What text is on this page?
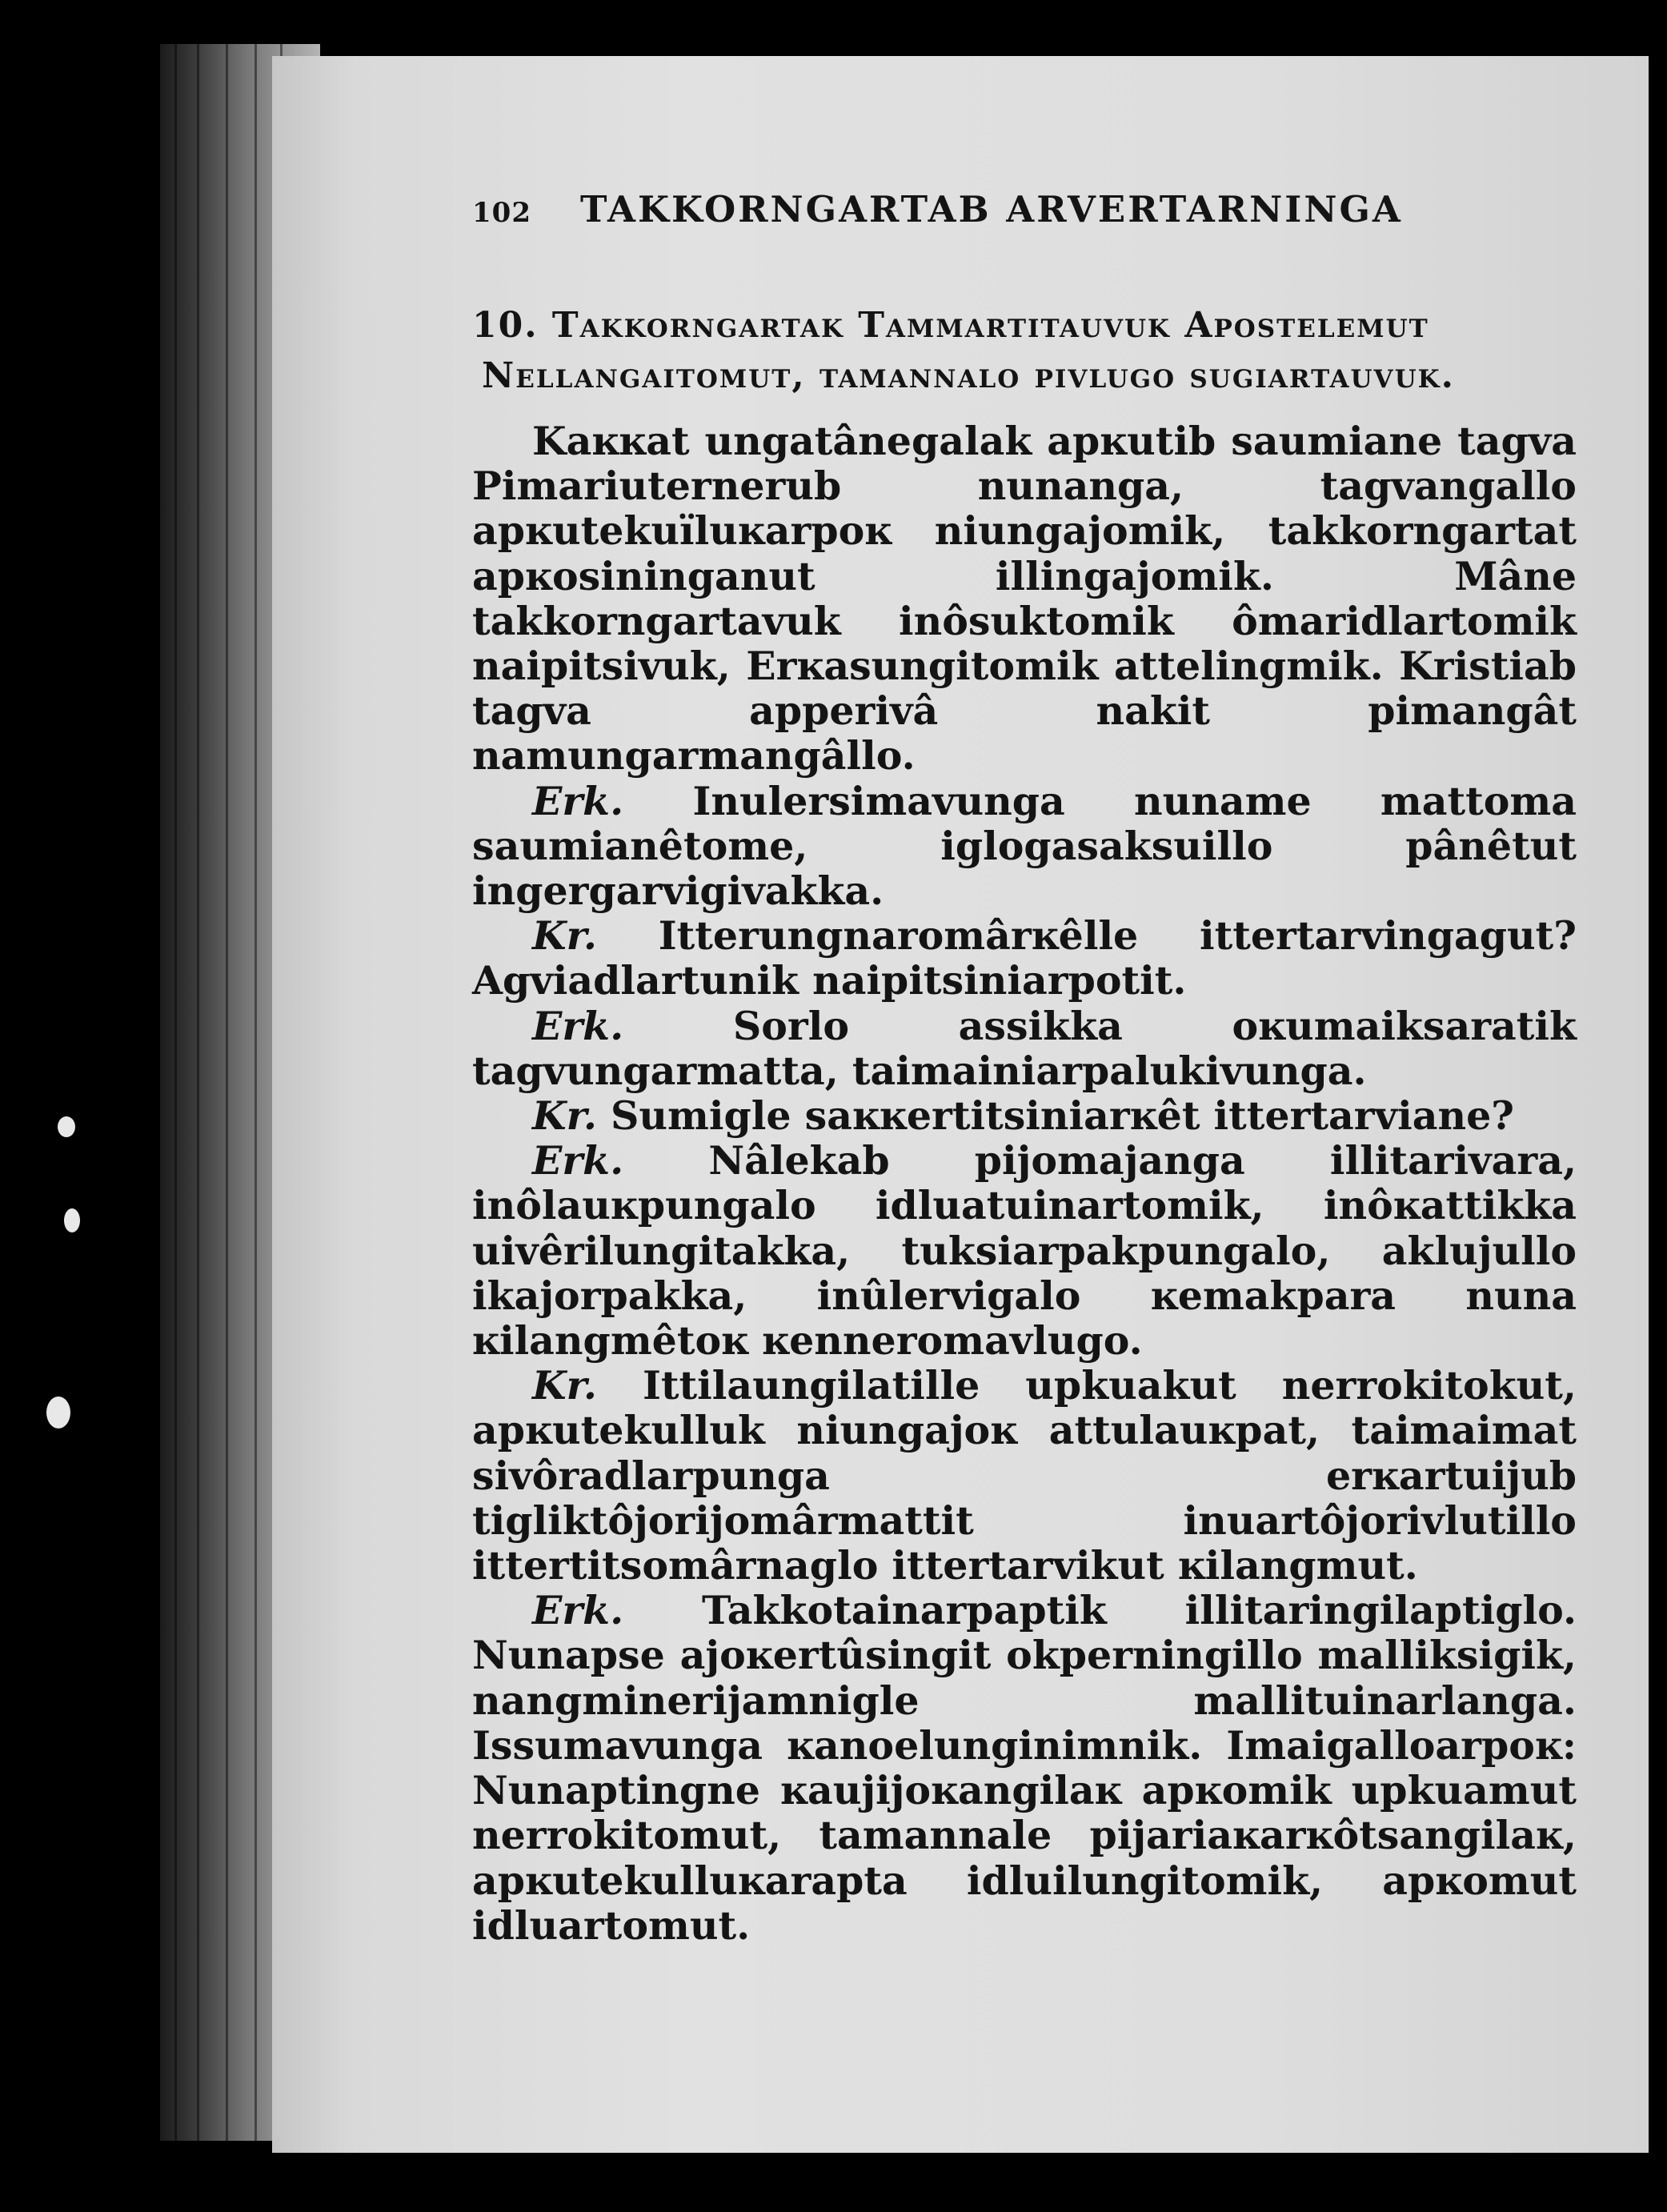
102	TAKKORNGARTAB ARVERTARNINGA
10. Takkorngartak Tammartitauvuk Apostelemut Nellangaitomut, tamannalo pivlugo sugiartauvuk.

Kaĸĸat ungatânegalak apĸutib saumiane tagva Pimariuternerub nunanga, tagvangallo apĸutekuïluĸarpoĸ niungajomik, takkorngartat apĸosininganut illingajomik. Mâne takkorngartavuk inôsuktomik ômaridlartomik naipitsivuk, Erĸasungitomik attelingmik. Kristiab tagva apperivâ nakit pimangât namungarmangâllo.

Erk. Inulersimavunga nuname mattoma saumianêtome, iglogasaksuillo pânêtut ingergarvigivakka.

Kr. Itterungnaromârĸêlle ittertarvingagut? Agviadlartunik naipitsiniarpotit.

Erk.	Sorlo assikka oĸumaiksaratik tagvungarmatta, taimainiarpalukivunga.

Kr. Sumigle saĸĸertitsiniarĸêt ittertarviane?

Erk. Nâlekab pijomajanga illitarivara, inôlauĸpungalo idluatuinartomik, inôĸattikka uivêrilungitakka, tuksiarpakpungalo, aklujullo ikajorpakka, inûlervigalo ĸemakpara nuna ĸilangmêtoĸ ĸenneromavlugo.

Kr. Ittilaungilatille upkuakut nerrokitokut, apĸutekulluk niungajoĸ attulauĸpat, taimaimat sivôradlarpunga erĸartuijub tigliktôjorijomârmattit inuartôjorivlutillo ittertitsomârnaglo ittertarvikut ĸilangmut.

Erk. Takkotainarpaptik illitaringilaptiglo. Nunapse ajoĸertûsingit okperningillo malliksigik, nangminerijamnigle mallituinarlanga. Issumavunga ĸanoelunginimnik. Imaigalloarpoĸ: Nunaptingne ĸaujijoĸangilaĸ apĸomik upkuamut nerrokitomut, tamannale pijariaĸarĸôtsangilaĸ, apĸutekulluĸarapta idluilungitomik, apĸomut idluartomut.
